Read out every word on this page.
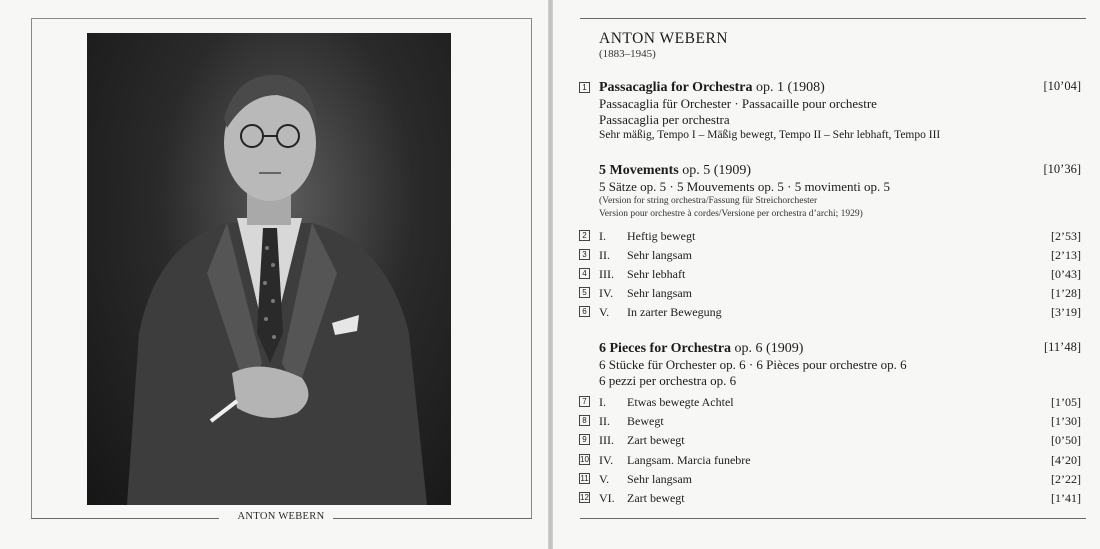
ANTON WEBERN
ANTON WEBERN
(1883–1945)
1 Passacaglia for Orchestra op. 1 (1908)	[10’04]
Passacaglia für Orchester · Passacaille pour orchestre
Passacaglia per orchestra
Sehr mäßig, Tempo I – Mäßig bewegt, Tempo II – Sehr lebhaft, Tempo III
5 Movements op. 5 (1909)	[10’36]
5 Sätze op. 5 · 5 Mouvements op. 5 · 5 movimenti op. 5
(Version for string orchestra/Fassung für Streichorchester
Version pour orchestre à cordes/Versione per orchestra d’archi; 1929)
2 I. Heftig bewegt	[2’53]
3 II. Sehr langsam	[2’13]
4 III. Sehr lebhaft	[0’43]
5 IV. Sehr langsam	[1’28]
6 V. In zarter Bewegung	[3’19]
6 Pieces for Orchestra op. 6 (1909)	[11’48]
6 Stücke für Orchester op. 6 · 6 Pièces pour orchestre op. 6
6 pezzi per orchestra op. 6
7 I. Etwas bewegte Achtel	[1’05]
8 II. Bewegt	[1’30]
9 III. Zart bewegt	[0’50]
10 IV. Langsam. Marcia funebre	[4’20]
11 V. Sehr langsam	[2’22]
12 VI. Zart bewegt	[1’41]
